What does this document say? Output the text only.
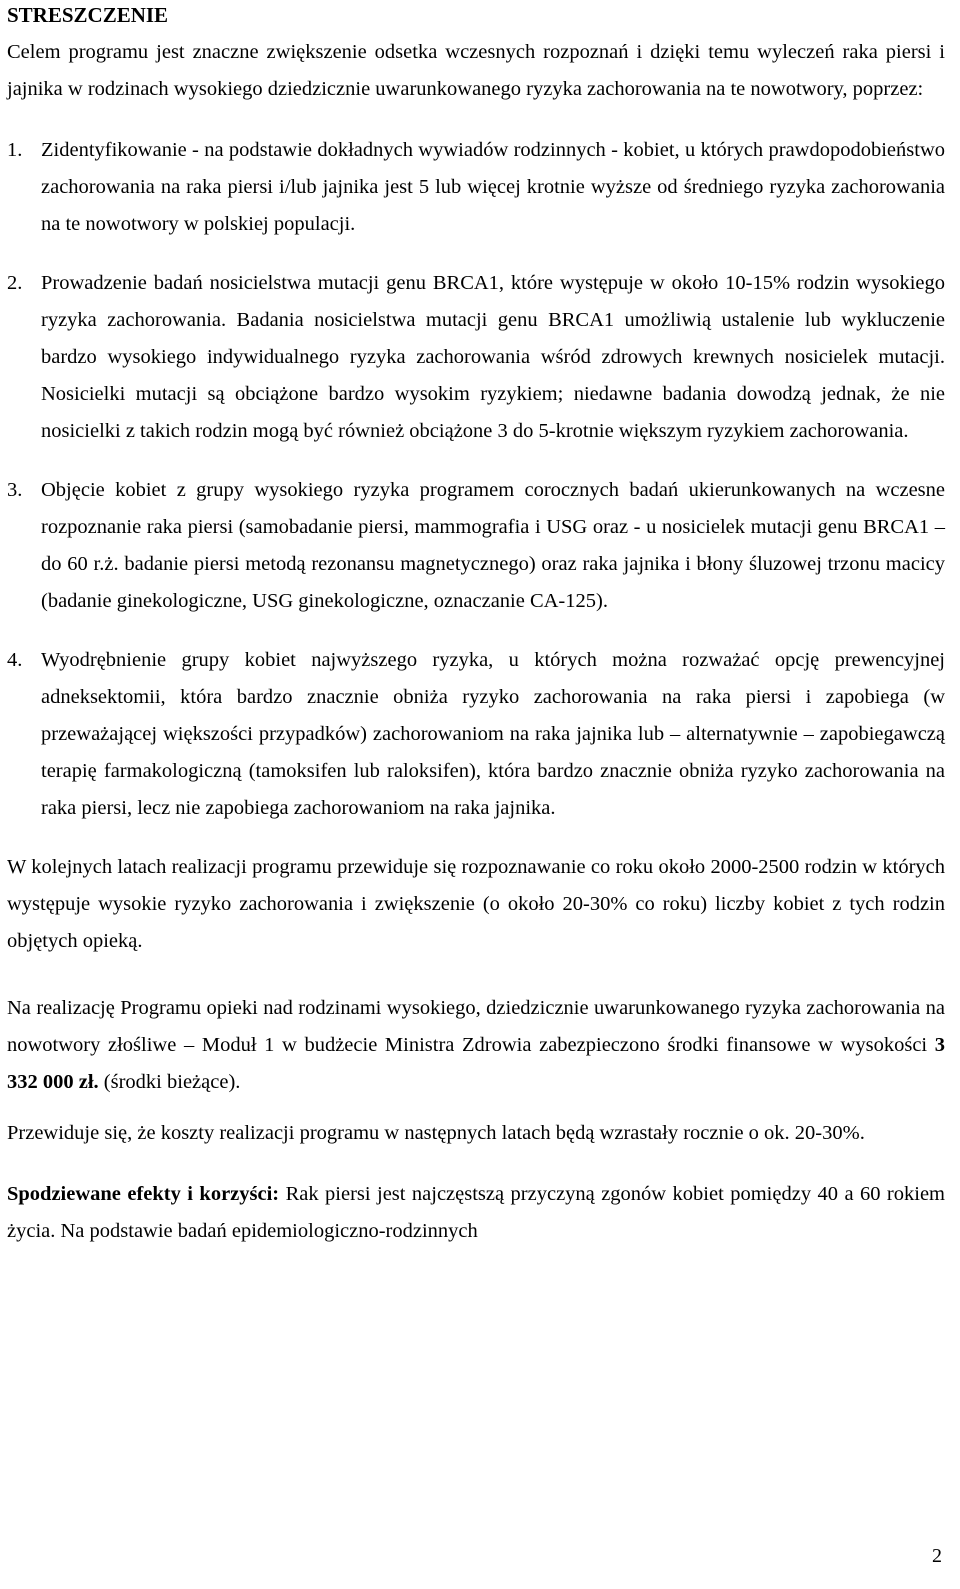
STRESZCZENIE

Celem programu jest znaczne zwiększenie odsetka wczesnych rozpoznań i dzięki temu wyleczeń raka piersi i jajnika w rodzinach wysokiego dziedzicznie uwarunkowanego ryzyka zachorowania na te nowotwory, poprzez:

1. Zidentyfikowanie - na podstawie dokładnych wywiadów rodzinnych - kobiet, u których prawdopodobieństwo zachorowania na raka piersi i/lub jajnika jest 5 lub więcej krotnie wyższe od średniego ryzyka zachorowania na te nowotwory w polskiej populacji.
2. Prowadzenie badań nosicielstwa mutacji genu BRCA1, które występuje w około 10-15% rodzin wysokiego ryzyka zachorowania. Badania nosicielstwa mutacji genu BRCA1 umożliwią ustalenie lub wykluczenie bardzo wysokiego indywidualnego ryzyka zachorowania wśród zdrowych krewnych nosicielek mutacji. Nosicielki mutacji są obciążone bardzo wysokim ryzykiem; niedawne badania dowodzą jednak, że nie nosicielki z takich rodzin mogą być również obciążone 3 do 5-krotnie większym ryzykiem zachorowania.
3. Objęcie kobiet z grupy wysokiego ryzyka programem corocznych badań ukierunkowanych na wczesne rozpoznanie raka piersi (samobadanie piersi, mammografia i USG oraz - u nosicielek mutacji genu BRCA1 – do 60 r.ż. badanie piersi metodą rezonansu magnetycznego) oraz raka jajnika i błony śluzowej trzonu macicy (badanie ginekologiczne, USG ginekologiczne, oznaczanie CA-125).
4. Wyodrębnienie grupy kobiet najwyższego ryzyka, u których można rozważać opcję prewencyjnej adneksektomii, która bardzo znacznie obniża ryzyko zachorowania na raka piersi i zapobiega (w przeważającej większości przypadków) zachorowaniom na raka jajnika lub – alternatywnie – zapobiegawczą terapię farmakologiczną (tamoksifen lub raloksifen), która bardzo znacznie obniża ryzyko zachorowania na raka piersi, lecz nie zapobiega zachorowaniom na raka jajnika.

W kolejnych latach realizacji programu przewiduje się rozpoznawanie co roku około 2000-2500 rodzin w których występuje wysokie ryzyko zachorowania i zwiększenie (o około 20-30% co roku) liczby kobiet z tych rodzin objętych opieką.

Na realizację Programu opieki nad rodzinami wysokiego, dziedzicznie uwarunkowanego ryzyka zachorowania na nowotwory złośliwe – Moduł 1 w budżecie Ministra Zdrowia zabezpieczono środki finansowe w wysokości 3 332 000 zł. (środki bieżące).

Przewiduje się, że koszty realizacji programu w następnych latach będą wzrastały rocznie o ok. 20-30%.

Spodziewane efekty i korzyści: Rak piersi jest najczęstszą przyczyną zgonów kobiet pomiędzy 40 a 60 rokiem życia. Na podstawie badań epidemiologiczno-rodzinnych

2
